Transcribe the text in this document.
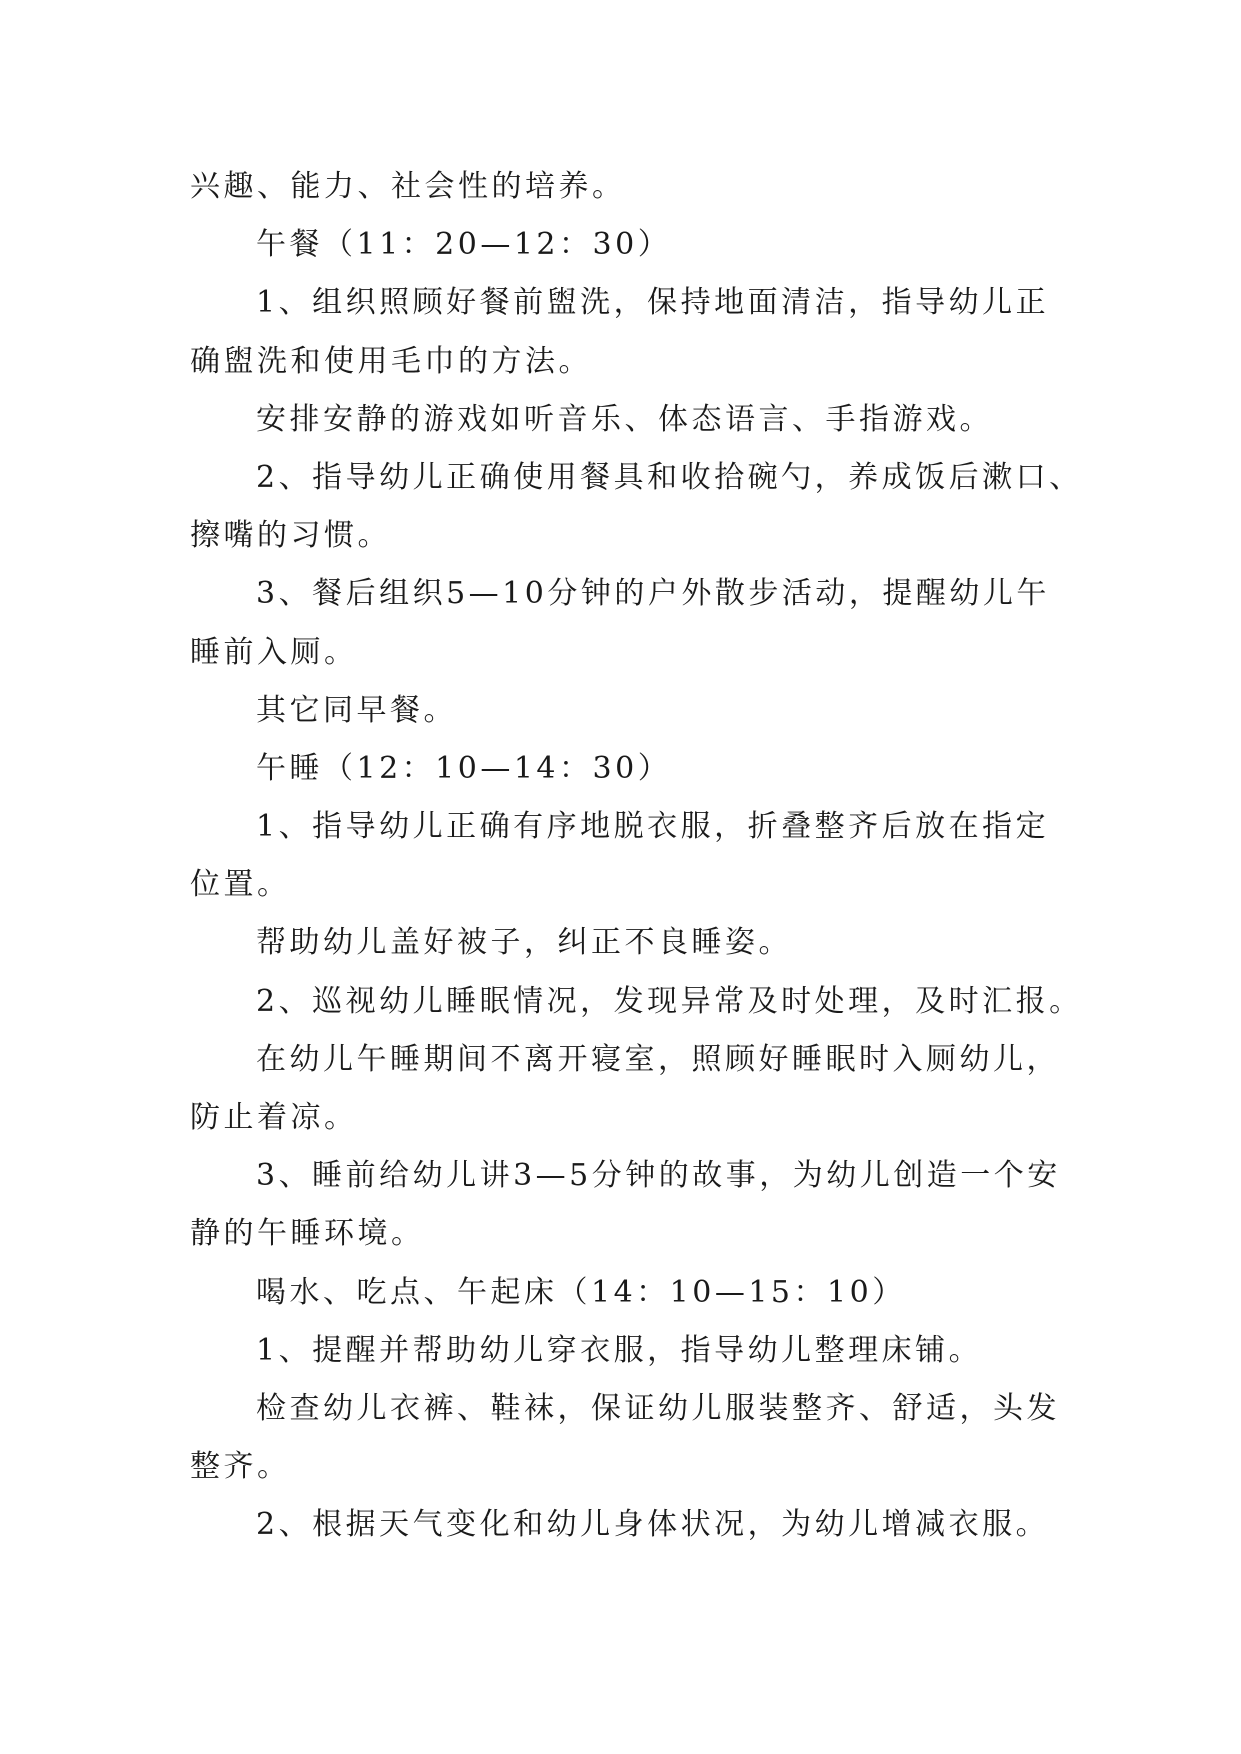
兴趣、能力、社会性的培养。
午餐（11：20—12：30）
1、组织照顾好餐前盥洗，保持地面清洁，指导幼儿正
确盥洗和使用毛巾的方法。
安排安静的游戏如听音乐、体态语言、手指游戏。
2、指导幼儿正确使用餐具和收拾碗勺，养成饭后漱口、
擦嘴的习惯。
3、餐后组织5—10分钟的户外散步活动，提醒幼儿午
睡前入厕。
其它同早餐。
午睡（12：10—14：30）
1、指导幼儿正确有序地脱衣服，折叠整齐后放在指定
位置。
帮助幼儿盖好被子，纠正不良睡姿。
2、巡视幼儿睡眠情况，发现异常及时处理，及时汇报。
在幼儿午睡期间不离开寝室，照顾好睡眠时入厕幼儿，
防止着凉。
3、睡前给幼儿讲3—5分钟的故事，为幼儿创造一个安
静的午睡环境。
喝水、吃点、午起床（14：10—15：10）
1、提醒并帮助幼儿穿衣服，指导幼儿整理床铺。
检查幼儿衣裤、鞋袜，保证幼儿服装整齐、舒适，头发
整齐。
2、根据天气变化和幼儿身体状况，为幼儿增减衣服。
